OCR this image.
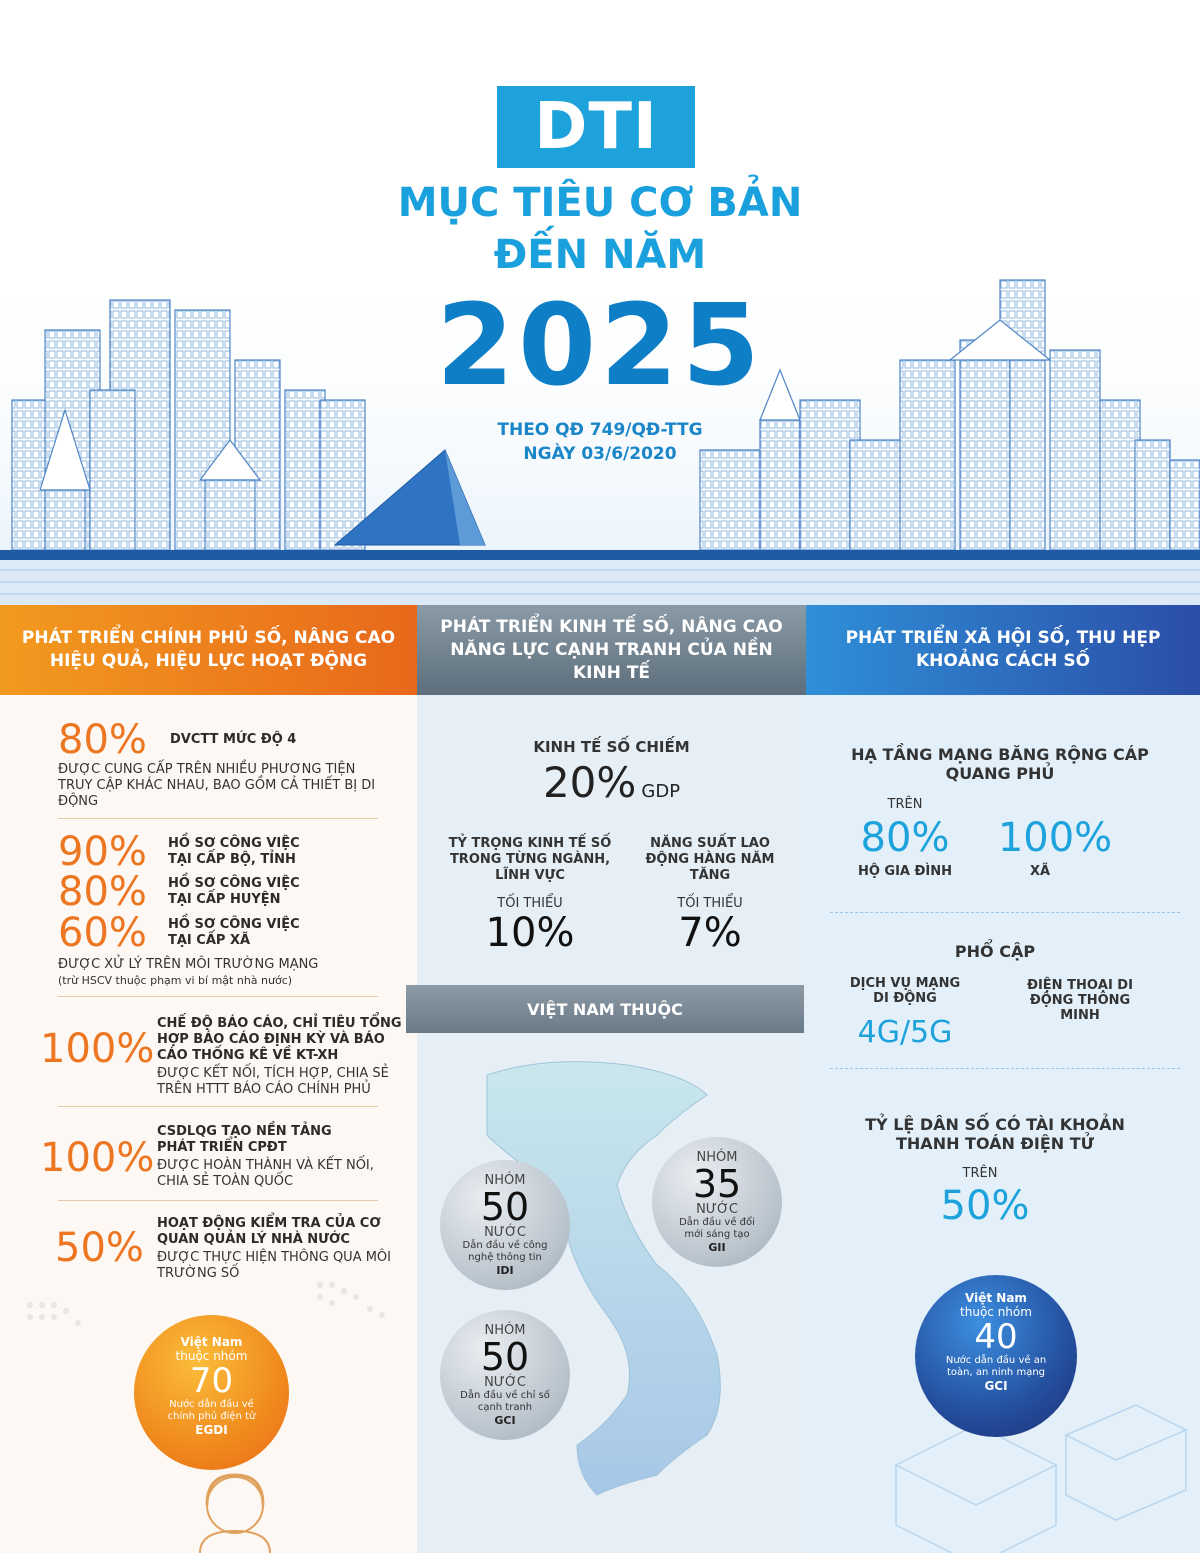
DTI
MỤC TIÊU CƠ BẢN
ĐẾN NĂM
2025
THEO QĐ 749/QĐ-TTG
NGÀY 03/6/2020
PHÁT TRIỂN CHÍNH PHỦ SỐ, NÂNG CAO HIỆU QUẢ, HIỆU LỰC HOẠT ĐỘNG
80% DVCTT MỨC ĐỘ 4
ĐƯỢC CUNG CẤP TRÊN NHIỀU PHƯƠNG TIỆN TRUY CẬP KHÁC NHAU, BAO GỒM CẢ THIẾT BỊ DI ĐỘNG
90% HỒ SƠ CÔNG VIỆC TẠI CẤP BỘ, TỈNH
80% HỒ SƠ CÔNG VIỆC TẠI CẤP HUYỆN
60% HỒ SƠ CÔNG VIỆC TẠI CẤP XÃ
ĐƯỢC XỬ LÝ TRÊN MÔI TRƯỜNG MẠNG
(trừ HSCV thuộc phạm vi bí mật nhà nước)
100%
CHẾ ĐỘ BÁO CÁO, CHỈ TIÊU TỔNG HỢP BÁO CÁO ĐỊNH KỲ VÀ BÁO CÁO THỐNG KÊ VỀ KT-XH
ĐƯỢC KẾT NỐI, TÍCH HỢP, CHIA SẺ TRÊN HTTT BÁO CÁO CHÍNH PHỦ
100%
CSDLQG TẠO NỀN TẢNG PHÁT TRIỂN CPĐT
ĐƯỢC HOÀN THÀNH VÀ KẾT NỐI, CHIA SẺ TOÀN QUỐC
50%
HOẠT ĐỘNG KIỂM TRA CỦA CƠ QUAN QUẢN LÝ NHÀ NƯỚC
ĐƯỢC THỰC HIỆN THÔNG QUA MÔI TRƯỜNG SỐ
Việt Nam
thuộc nhóm
70
Nước dẫn đầu về chính phủ điện tử
EGDI
PHÁT TRIỂN KINH TẾ SỐ, NÂNG CAO NĂNG LỰC CẠNH TRANH CỦA NỀN KINH TẾ
KINH TẾ SỐ CHIẾM
20% GDP
TỶ TRỌNG KINH TẾ SỐ TRONG TỪNG NGÀNH, LĨNH VỰC
TỐI THIỂU
10%
NĂNG SUẤT LAO ĐỘNG HÀNG NĂM TĂNG
TỐI THIỂU
7%
VIỆT NAM THUỘC
NHÓM
50
NƯỚC
Dẫn đầu về công nghệ thông tin
IDI
NHÓM
35
NƯỚC
Dẫn đầu về đổi mới sáng tạo
GII
NHÓM
50
NƯỚC
Dẫn đầu về chỉ số cạnh tranh
GCI
PHÁT TRIỂN XÃ HỘI SỐ, THU HẸP KHOẢNG CÁCH SỐ
HẠ TẦNG MẠNG BĂNG RỘNG CÁP QUANG PHỦ
TRÊN
80%
HỘ GIA ĐÌNH
100%
XÃ
PHỔ CẬP
DỊCH VỤ MẠNG DI ĐỘNG
4G/5G
ĐIỆN THOẠI DI ĐỘNG THÔNG MINH
TỶ LỆ DÂN SỐ CÓ TÀI KHOẢN THANH TOÁN ĐIỆN TỬ
TRÊN
50%
Việt Nam
thuộc nhóm
40
Nước dẫn đầu về an toàn, an ninh mạng
GCI
